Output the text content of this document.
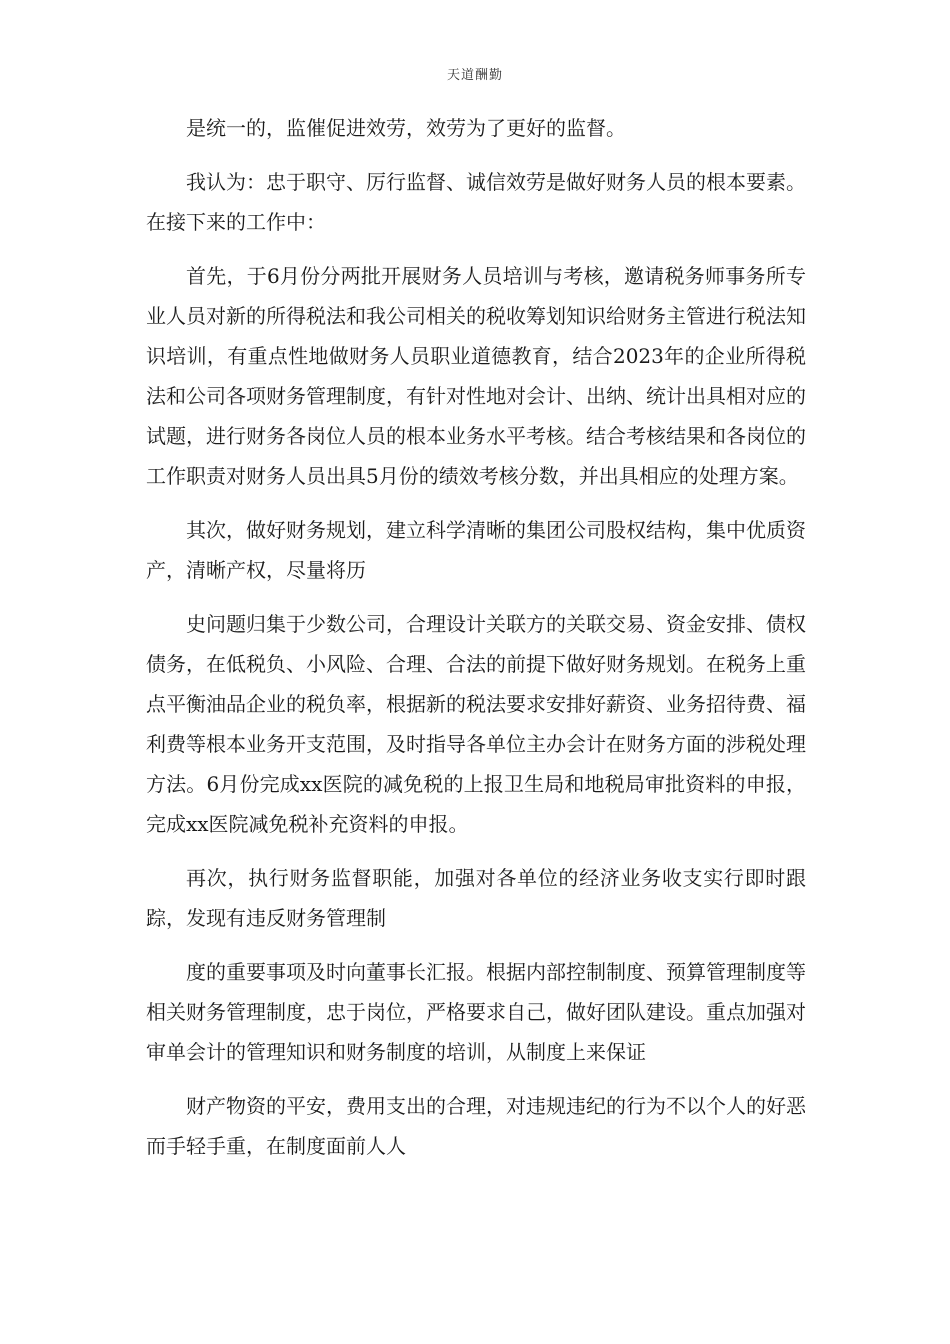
天道酬勤

是统一的，监催促进效劳，效劳为了更好的监督。

我认为：忠于职守、厉行监督、诚信效劳是做好财务人员的根本要素。在接下来的工作中：

首先，于6月份分两批开展财务人员培训与考核，邀请税务师事务所专业人员对新的所得税法和我公司相关的税收筹划知识给财务主管进行税法知识培训，有重点性地做财务人员职业道德教育，结合2023年的企业所得税法和公司各项财务管理制度，有针对性地对会计、出纳、统计出具相对应的试题，进行财务各岗位人员的根本业务水平考核。结合考核结果和各岗位的工作职责对财务人员出具5月份的绩效考核分数，并出具相应的处理方案。

其次，做好财务规划，建立科学清晰的集团公司股权结构，集中优质资产，清晰产权，尽量将历

史问题归集于少数公司，合理设计关联方的关联交易、资金安排、债权债务，在低税负、小风险、合理、合法的前提下做好财务规划。在税务上重点平衡油品企业的税负率，根据新的税法要求安排好薪资、业务招待费、福利费等根本业务开支范围，及时指导各单位主办会计在财务方面的涉税处理方法。6月份完成xx医院的减免税的上报卫生局和地税局审批资料的申报，完成xx医院减免税补充资料的申报。

再次，执行财务监督职能，加强对各单位的经济业务收支实行即时跟踪，发现有违反财务管理制

度的重要事项及时向董事长汇报。根据内部控制制度、预算管理制度等相关财务管理制度，忠于岗位，严格要求自己，做好团队建设。重点加强对审单会计的管理知识和财务制度的培训，从制度上来保证

财产物资的平安，费用支出的合理，对违规违纪的行为不以个人的好恶而手轻手重，在制度面前人人
